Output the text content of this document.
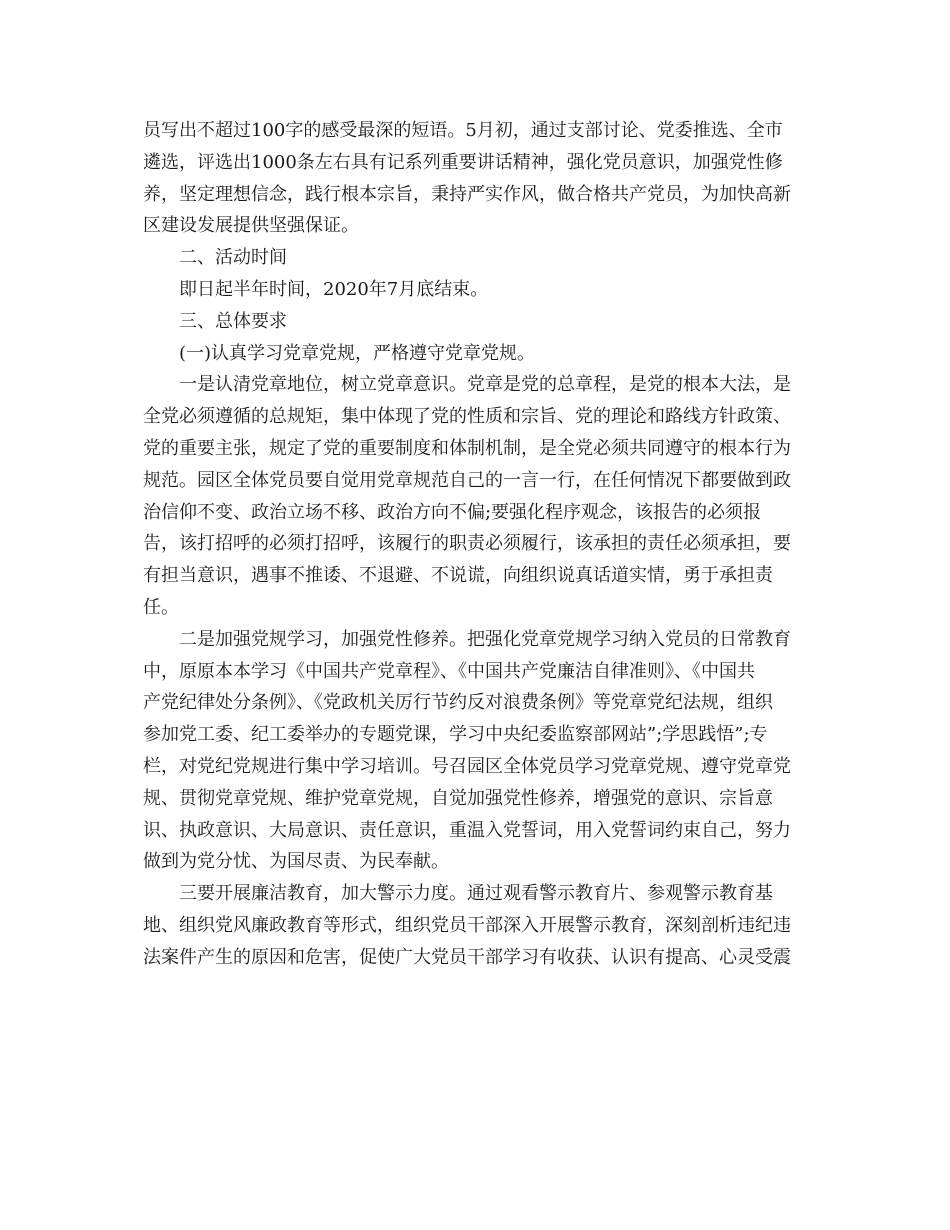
员写出不超过100字的感受最深的短语。5月初，通过支部讨论、党委推选、全市

遴选，评选出1000条左右具有记系列重要讲话精神，强化党员意识，加强党性修

养，坚定理想信念，践行根本宗旨，秉持严实作风，做合格共产党员，为加快高新

区建设发展提供坚强保证。

二、活动时间

即日起半年时间，2020年7月底结束。

三、总体要求

(一)认真学习党章党规，严格遵守党章党规。

一是认清党章地位，树立党章意识。党章是党的总章程，是党的根本大法，是

全党必须遵循的总规矩，集中体现了党的性质和宗旨、党的理论和路线方针政策、

党的重要主张，规定了党的重要制度和体制机制，是全党必须共同遵守的根本行为

规范。园区全体党员要自觉用党章规范自己的一言一行，在任何情况下都要做到政

治信仰不变、政治立场不移、政治方向不偏;要强化程序观念，该报告的必须报

告，该打招呼的必须打招呼，该履行的职责必须履行，该承担的责任必须承担，要

有担当意识，遇事不推诿、不退避、不说谎，向组织说真话道实情，勇于承担责

任。

二是加强党规学习，加强党性修养。把强化党章党规学习纳入党员的日常教育

中，原原本本学习《中国共产党章程》、《中国共产党廉洁自律准则》、《中国共

产党纪律处分条例》、《党政机关厉行节约反对浪费条例》等党章党纪法规，组织

参加党工委、纪工委举办的专题党课，学习中央纪委监察部网站”;学思践悟”;专

栏，对党纪党规进行集中学习培训。号召园区全体党员学习党章党规、遵守党章党

规、贯彻党章党规、维护党章党规，自觉加强党性修养，增强党的意识、宗旨意

识、执政意识、大局意识、责任意识，重温入党誓词，用入党誓词约束自己，努力

做到为党分忧、为国尽责、为民奉献。

三要开展廉洁教育，加大警示力度。通过观看警示教育片、参观警示教育基

地、组织党风廉政教育等形式，组织党员干部深入开展警示教育，深刻剖析违纪违

法案件产生的原因和危害，促使广大党员干部学习有收获、认识有提高、心灵受震
